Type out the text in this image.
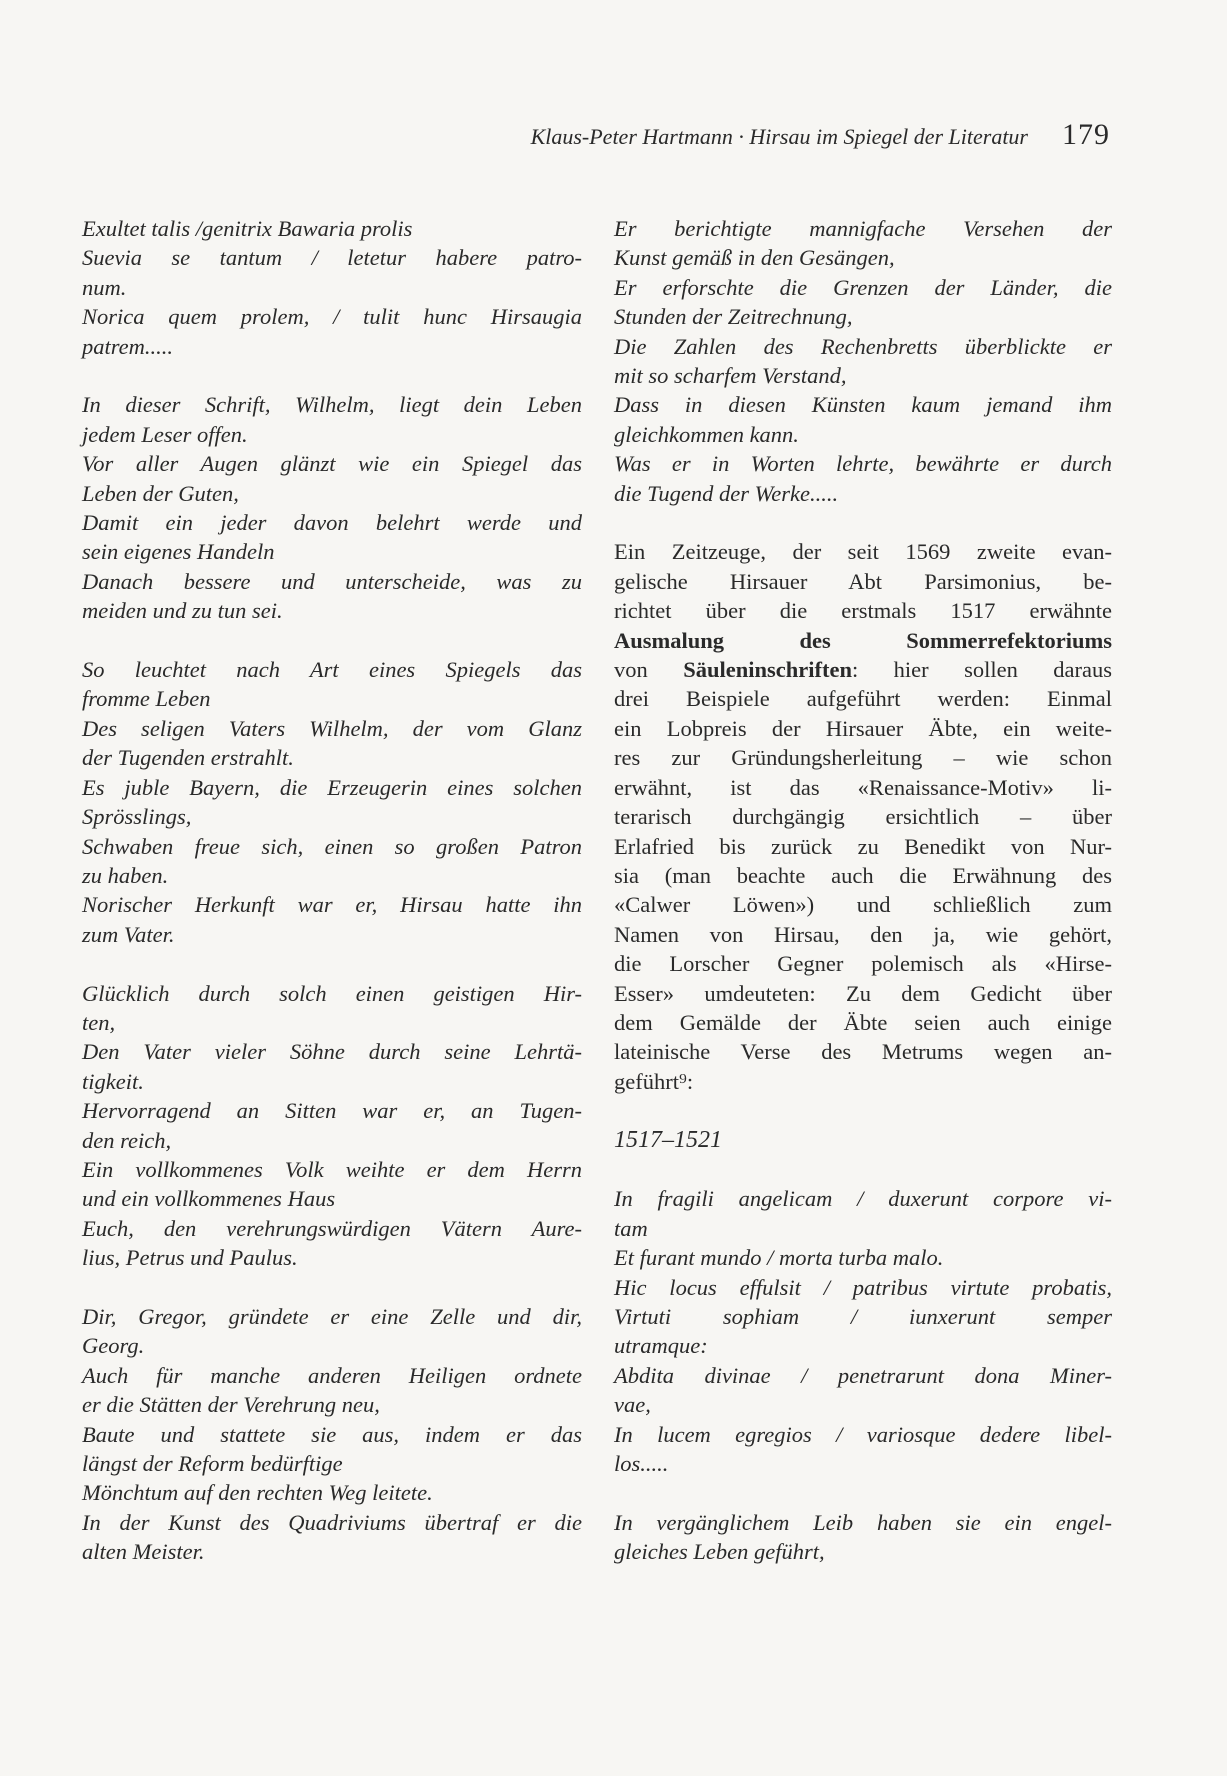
Klaus-Peter Hartmann · Hirsau im Spiegel der Literatur 179
Exultet talis /genitrix Bawaria prolis
Suevia se tantum / letetur habere patro-
num.
Norica quem prolem, / tulit hunc Hirsaugia
patrem.....
In dieser Schrift, Wilhelm, liegt dein Leben
jedem Leser offen.
Vor aller Augen glänzt wie ein Spiegel das
Leben der Guten,
Damit ein jeder davon belehrt werde und
sein eigenes Handeln
Danach bessere und unterscheide, was zu
meiden und zu tun sei.
So leuchtet nach Art eines Spiegels das
fromme Leben
Des seligen Vaters Wilhelm, der vom Glanz
der Tugenden erstrahlt.
Es juble Bayern, die Erzeugerin eines solchen
Sprösslings,
Schwaben freue sich, einen so großen Patron
zu haben.
Norischer Herkunft war er, Hirsau hatte ihn
zum Vater.
Glücklich durch solch einen geistigen Hir-
ten,
Den Vater vieler Söhne durch seine Lehrtä-
tigkeit.
Hervorragend an Sitten war er, an Tugen-
den reich,
Ein vollkommenes Volk weihte er dem Herrn
und ein vollkommenes Haus
Euch, den verehrungswürdigen Vätern Aure-
lius, Petrus und Paulus.
Dir, Gregor, gründete er eine Zelle und dir,
Georg.
Auch für manche anderen Heiligen ordnete
er die Stätten der Verehrung neu,
Baute und stattete sie aus, indem er das
längst der Reform bedürftige
Mönchtum auf den rechten Weg leitete.
In der Kunst des Quadriviums übertraf er die
alten Meister.
Er berichtigte mannigfache Versehen der
Kunst gemäß in den Gesängen,
Er erforschte die Grenzen der Länder, die
Stunden der Zeitrechnung,
Die Zahlen des Rechenbretts überblickte er
mit so scharfem Verstand,
Dass in diesen Künsten kaum jemand ihm
gleichkommen kann.
Was er in Worten lehrte, bewährte er durch
die Tugend der Werke.....
Ein Zeitzeuge, der seit 1569 zweite evan-
gelische Hirsauer Abt Parsimonius, be-
richtet über die erstmals 1517 erwähnte
Ausmalung des Sommerrefektoriums
von Säuleninschriften: hier sollen daraus
drei Beispiele aufgeführt werden: Einmal
ein Lobpreis der Hirsauer Äbte, ein weite-
res zur Gründungsherleitung – wie schon
erwähnt, ist das «Renaissance-Motiv» li-
terarisch durchgängig ersichtlich – über
Erlafried bis zurück zu Benedikt von Nur-
sia (man beachte auch die Erwähnung des
«Calwer Löwen») und schließlich zum
Namen von Hirsau, den ja, wie gehört,
die Lorscher Gegner polemisch als «Hirse-
Esser» umdeuteten: Zu dem Gedicht über
dem Gemälde der Äbte seien auch einige
lateinische Verse des Metrums wegen an-
geführt⁹:
1517–1521
In fragili angelicam / duxerunt corpore vi-
tam
Et furant mundo / morta turba malo.
Hic locus effulsit / patribus virtute probatis,
Virtuti sophiam / iunxerunt semper
utramque:
Abdita divinae / penetrarunt dona Miner-
vae,
In lucem egregios / variosque dedere libel-
los.....
In vergänglichem Leib haben sie ein engel-
gleiches Leben geführt,
